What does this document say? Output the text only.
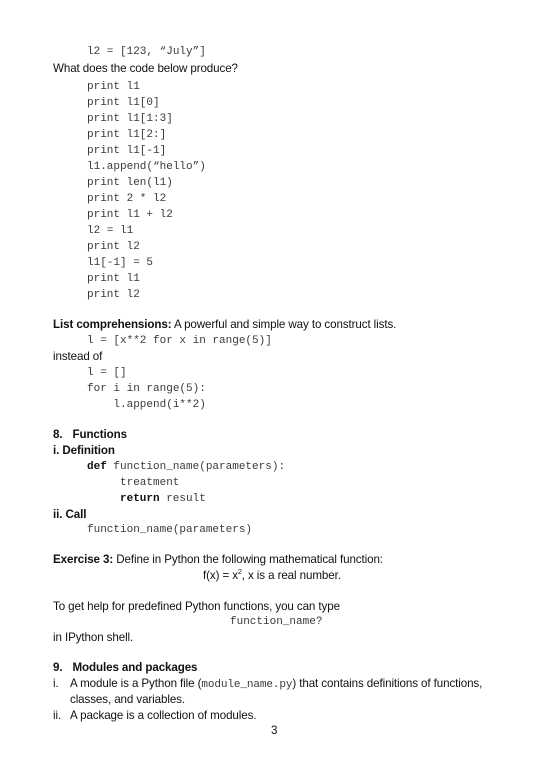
l2 = [123, “July”]
What does the code below produce?
print l1
print l1[0]
print l1[1:3]
print l1[2:]
print l1[-1]
l1.append(“hello”)
print len(l1)
print 2 * l2
print l1 + l2
l2 = l1
print l2
l1[-1] = 5
print l1
print l2
List comprehensions: A powerful and simple way to construct lists.
l = [x**2 for x in range(5)]
instead of
l = []
for i in range(5):
l.append(i**2)
8. Functions
i. Definition
def function_name(parameters):
treatment
return result
ii. Call
function_name(parameters)
Exercise 3: Define in Python the following mathematical function:
$f(x) = x^2$, x is a real number.
To get help for predefined Python functions, you can type
function_name?
in IPython shell.
9. Modules and packages
i. A module is a Python file (module_name.py) that contains definitions of functions,
classes, and variables.
ii. A package is a collection of modules.
3
